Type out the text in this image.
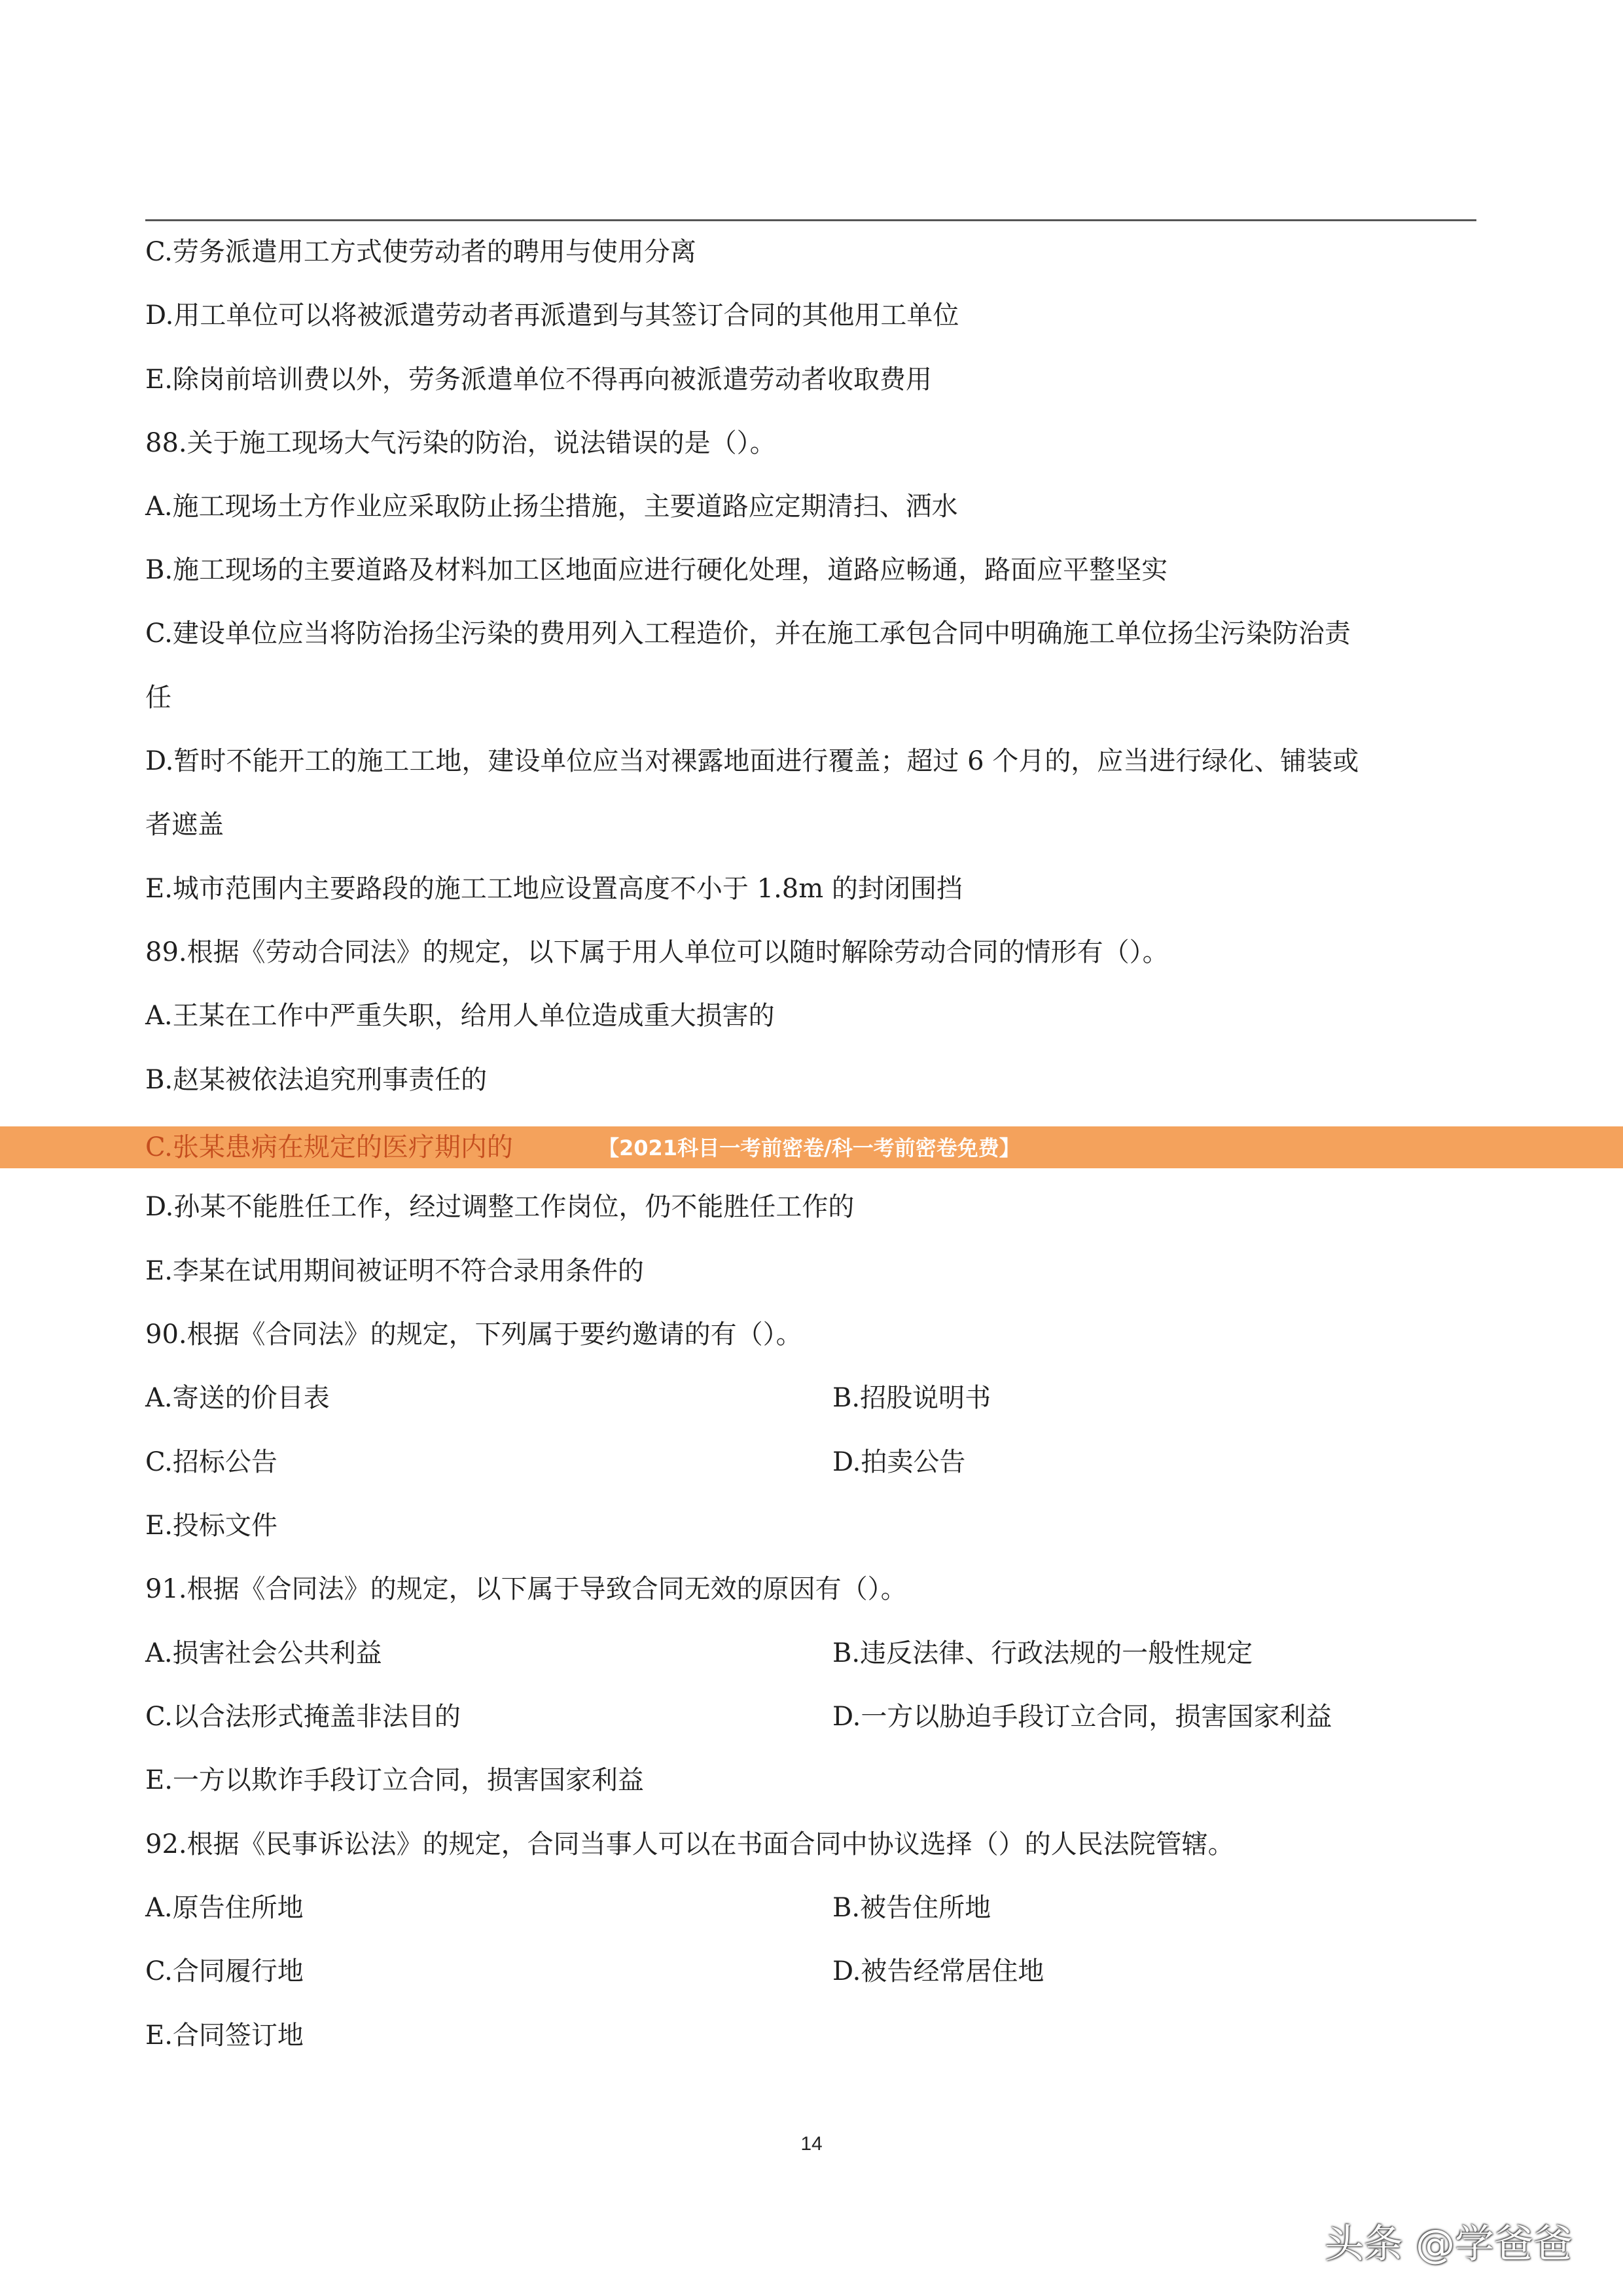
C.劳务派遣用工方式使劳动者的聘用与使用分离
D.用工单位可以将被派遣劳动者再派遣到与其签订合同的其他用工单位
E.除岗前培训费以外，劳务派遣单位不得再向被派遣劳动者收取费用
88.关于施工现场大气污染的防治，说法错误的是（）。
A.施工现场土方作业应采取防止扬尘措施，主要道路应定期清扫、洒水
B.施工现场的主要道路及材料加工区地面应进行硬化处理，道路应畅通，路面应平整坚实
C.建设单位应当将防治扬尘污染的费用列入工程造价，并在施工承包合同中明确施工单位扬尘污染防治责
任
D.暂时不能开工的施工工地，建设单位应当对裸露地面进行覆盖；超过 6 个月的，应当进行绿化、铺装或
者遮盖
E.城市范围内主要路段的施工工地应设置高度不小于 1.8m 的封闭围挡
89.根据《劳动合同法》的规定，以下属于用人单位可以随时解除劳动合同的情形有（）。
A.王某在工作中严重失职，给用人单位造成重大损害的
B.赵某被依法追究刑事责任的
D.孙某不能胜任工作，经过调整工作岗位，仍不能胜任工作的
E.李某在试用期间被证明不符合录用条件的
90.根据《合同法》的规定，下列属于要约邀请的有（）。
A.寄送的价目表	B.招股说明书
C.招标公告	D.拍卖公告
E.投标文件
91.根据《合同法》的规定，以下属于导致合同无效的原因有（）。
A.损害社会公共利益	B.违反法律、行政法规的一般性规定
C.以合法形式掩盖非法目的	D.一方以胁迫手段订立合同，损害国家利益
E.一方以欺诈手段订立合同，损害国家利益
92.根据《民事诉讼法》的规定，合同当事人可以在书面合同中协议选择（）的人民法院管辖。
A.原告住所地	B.被告住所地
C.合同履行地	D.被告经常居住地
E.合同签订地
C.张某患病在规定的医疗期内的	【2021科目一考前密卷/科一考前密卷免费】
14
头条 @学爸爸
